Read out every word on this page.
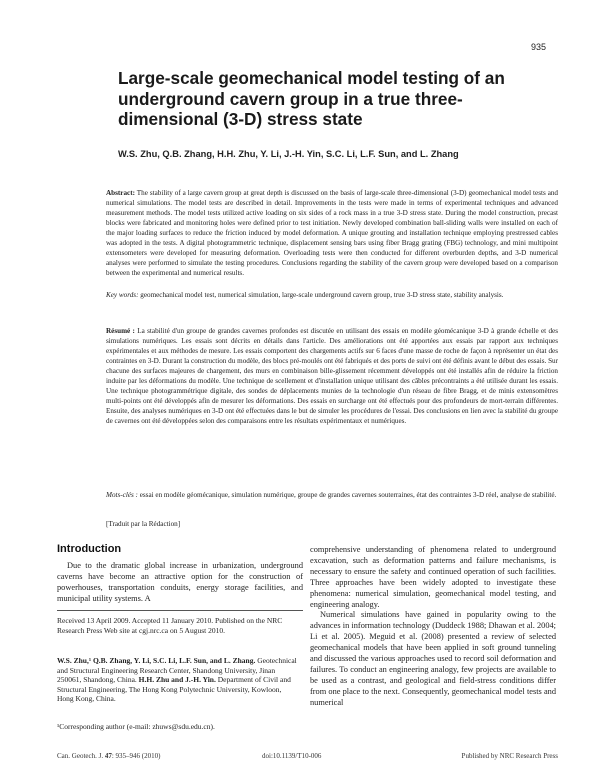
935
Large-scale geomechanical model testing of an underground cavern group in a true three-dimensional (3-D) stress state
W.S. Zhu, Q.B. Zhang, H.H. Zhu, Y. Li, J.-H. Yin, S.C. Li, L.F. Sun, and L. Zhang
Abstract: The stability of a large cavern group at great depth is discussed on the basis of large-scale three-dimensional (3-D) geomechanical model tests and numerical simulations. The model tests are described in detail. Improvements in the tests were made in terms of experimental techniques and advanced measurement methods. The model tests utilized active loading on six sides of a rock mass in a true 3-D stress state. During the model construction, precast blocks were fabricated and monitoring holes were defined prior to test initiation. Newly developed combination ball-sliding walls were installed on each of the major loading surfaces to reduce the friction induced by model deformation. A unique grouting and installation technique employing prestressed cables was adopted in the tests. A digital photogrammetric technique, displacement sensing bars using fiber Bragg grating (FBG) technology, and mini multipoint extensometers were developed for measuring deformation. Overloading tests were then conducted for different overburden depths, and 3-D numerical analyses were performed to simulate the testing procedures. Conclusions regarding the stability of the cavern group were developed based on a comparison between the experimental and numerical results.
Key words: geomechanical model test, numerical simulation, large-scale underground cavern group, true 3-D stress state, stability analysis.
Résumé : La stabilité d'un groupe de grandes cavernes profondes est discutée en utilisant des essais en modèle géomécanique 3-D à grande échelle et des simulations numériques. Les essais sont décrits en détails dans l'article. Des améliorations ont été apportées aux essais par rapport aux techniques expérimentales et aux méthodes de mesure. Les essais comportent des chargements actifs sur 6 faces d'une masse de roche de façon à représenter un état des contraintes en 3-D. Durant la construction du modèle, des blocs pré-moulés ont été fabriqués et des ports de suivi ont été définis avant le début des essais. Sur chacune des surfaces majeures de chargement, des murs en combinaison bille-glissement récemment développés ont été installés afin de réduire la friction induite par les déformations du modèle. Une technique de scellement et d'installation unique utilisant des câbles précontraints a été utilisée durant les essais. Une technique photogrammétrique digitale, des sondes de déplacements munies de la technologie d'un réseau de fibre Bragg, et de minis extensomètres multi-points ont été développés afin de mesurer les déformations. Des essais en surcharge ont été effectués pour des profondeurs de mort-terrain différentes. Ensuite, des analyses numériques en 3-D ont été effectuées dans le but de simuler les procédures de l'essai. Des conclusions en lien avec la stabilité du groupe de cavernes ont été développées selon des comparaisons entre les résultats expérimentaux et numériques.
Mots-clés : essai en modèle géomécanique, simulation numérique, groupe de grandes cavernes souterraines, état des contraintes 3-D réel, analyse de stabilité.
[Traduit par la Rédaction]
Introduction
Due to the dramatic global increase in urbanization, underground caverns have become an attractive option for the construction of powerhouses, transportation conduits, energy storage facilities, and municipal utility systems. A
Received 13 April 2009. Accepted 11 January 2010. Published on the NRC Research Press Web site at cgj.nrc.ca on 5 August 2010.
W.S. Zhu,¹ Q.B. Zhang, Y. Li, S.C. Li, L.F. Sun, and L. Zhang. Geotechnical and Structural Engineering Research Center, Shandong University, Jinan 250061, Shandong, China. H.H. Zhu and J.-H. Yin. Department of Civil and Structural Engineering, The Hong Kong Polytechnic University, Kowloon, Hong Kong, China.
¹Corresponding author (e-mail: zhuws@sdu.edu.cn).

comprehensive understanding of phenomena related to underground excavation, such as deformation patterns and failure mechanisms, is necessary to ensure the safety and continued operation of such facilities. Three approaches have been widely adopted to investigate these phenomena: numerical simulation, geomechanical model testing, and engineering analogy.

Numerical simulations have gained in popularity owing to the advances in information technology (Duddeck 1988; Dhawan et al. 2004; Li et al. 2005). Meguid et al. (2008) presented a review of selected geomechanical models that have been applied in soft ground tunneling and discussed the various approaches used to record soil deformation and failures. To conduct an engineering analogy, few projects are available to be used as a contrast, and geological and field-stress conditions differ from one place to the next. Consequently, geomechanical model tests and numerical

Can. Geotech. J. 47: 935–946 (2010)	doi:10.1139/T10-006	Published by NRC Research Press
